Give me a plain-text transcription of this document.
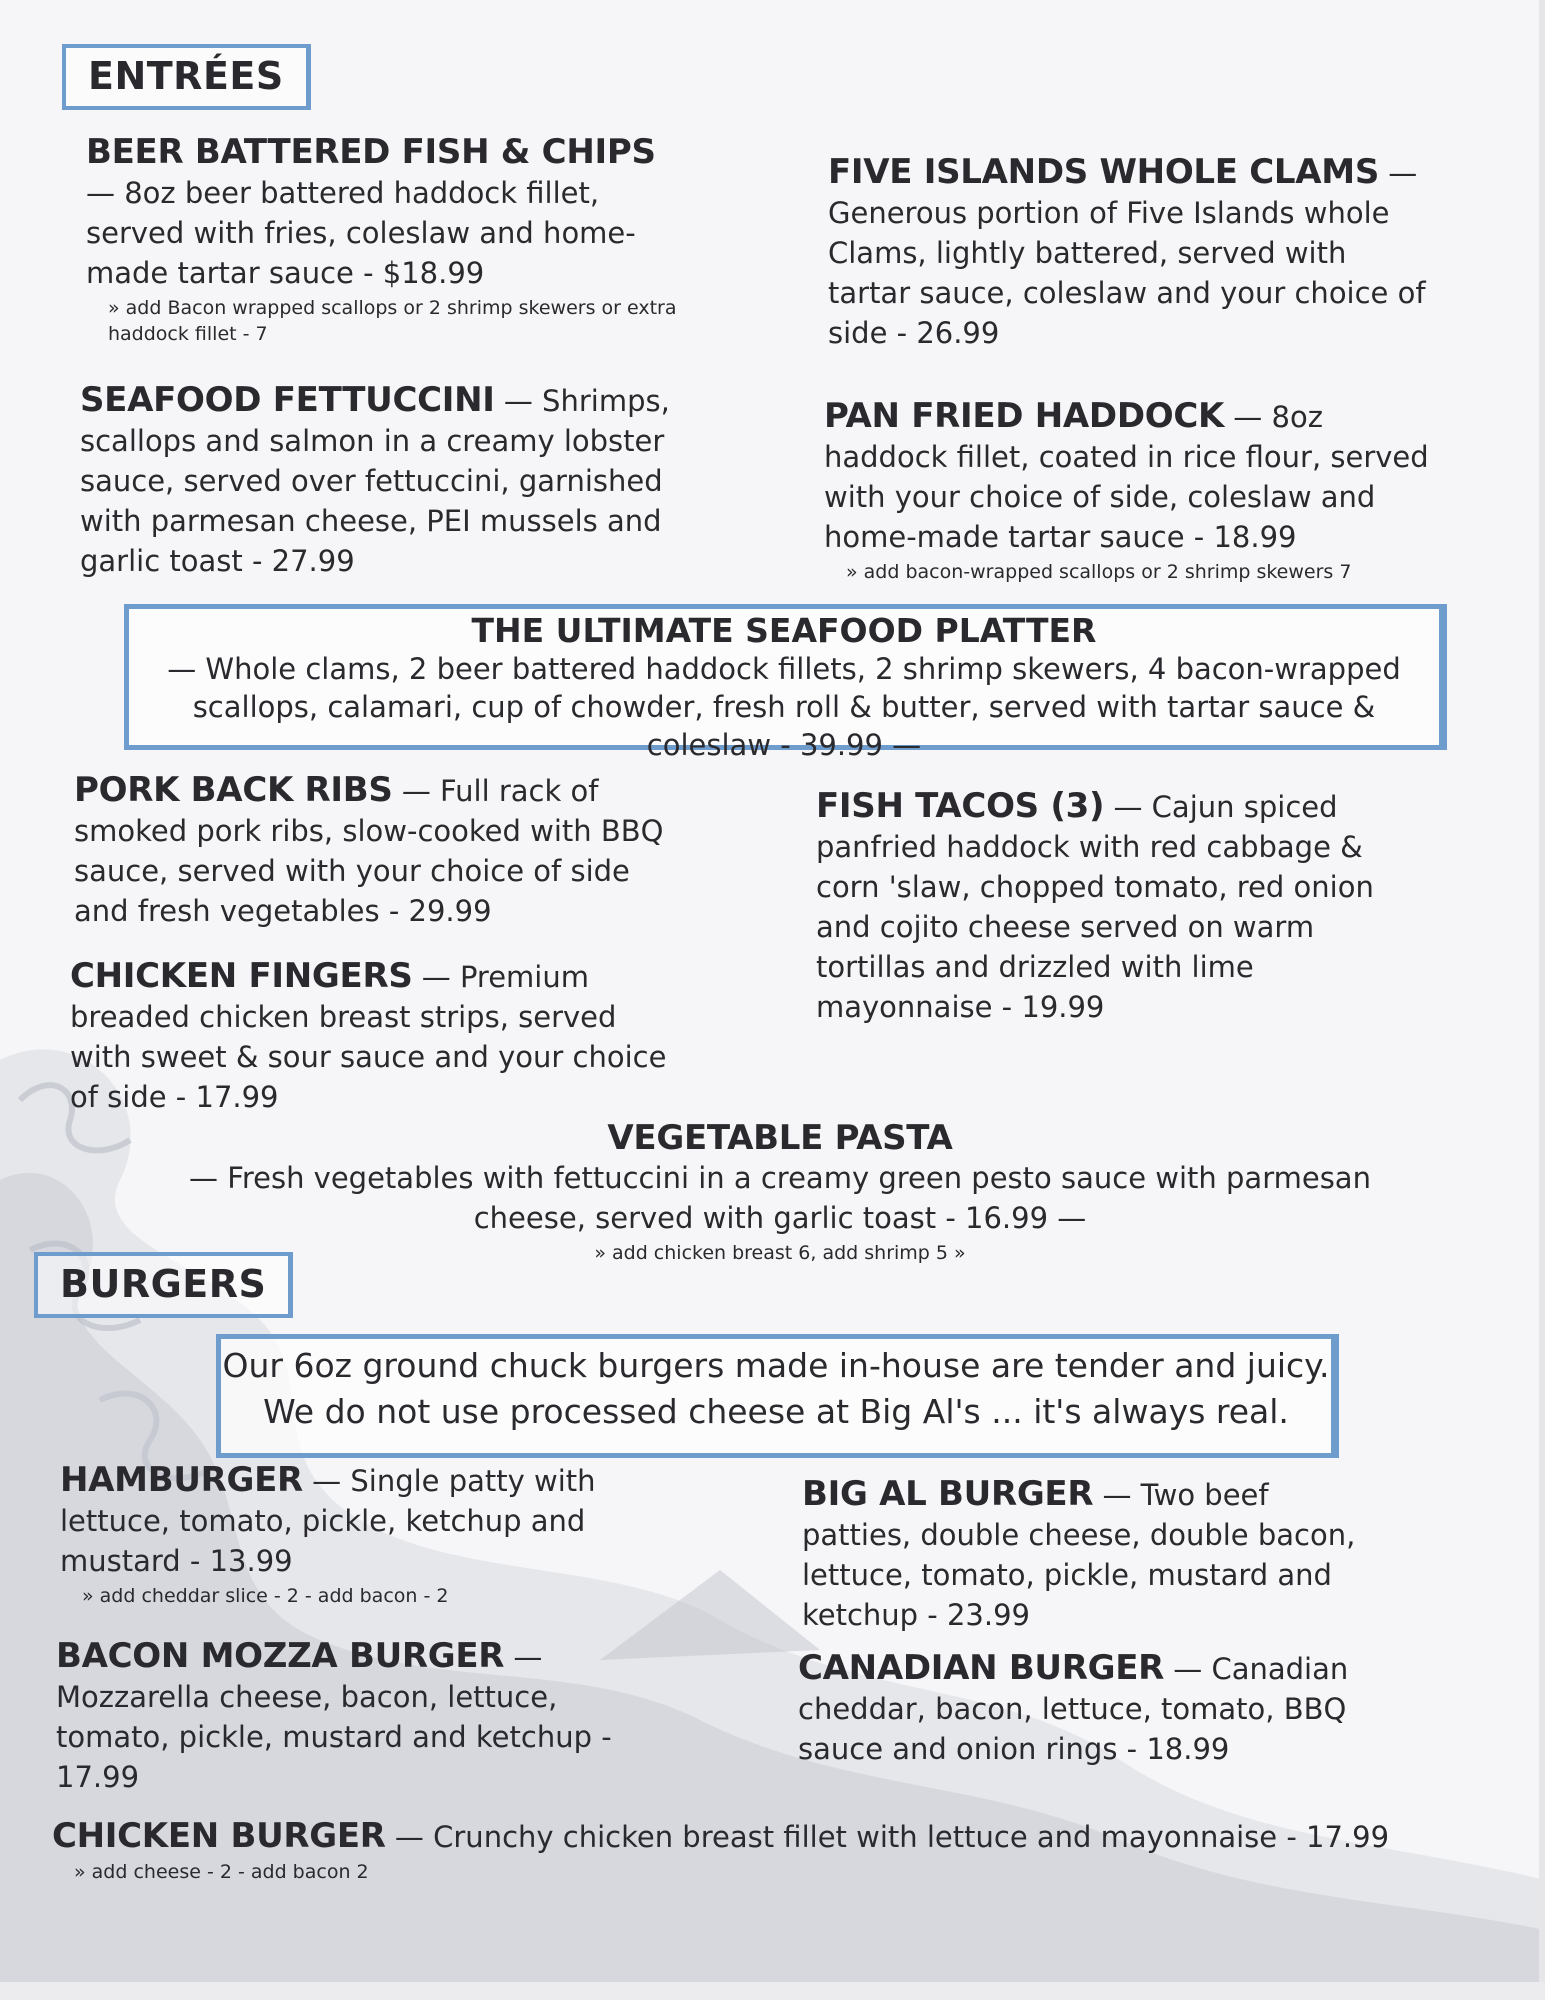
ENTRÉES
BEER BATTERED FISH & CHIPS — 8oz beer battered haddock fillet, served with fries, coleslaw and home-made tartar sauce - $18.99
» add Bacon wrapped scallops or 2 shrimp skewers or extra haddock fillet - 7
SEAFOOD FETTUCCINI — Shrimps, scallops and salmon in a creamy lobster sauce, served over fettuccini, garnished with parmesan cheese, PEI mussels and garlic toast - 27.99
FIVE ISLANDS WHOLE CLAMS — Generous portion of Five Islands whole Clams, lightly battered, served with tartar sauce, coleslaw and your choice of side - 26.99
PAN FRIED HADDOCK — 8oz haddock fillet, coated in rice flour, served with your choice of side, coleslaw and home-made tartar sauce - 18.99
» add bacon-wrapped scallops or 2 shrimp skewers 7
THE ULTIMATE SEAFOOD PLATTER
— Whole clams, 2 beer battered haddock fillets, 2 shrimp skewers, 4 bacon-wrapped scallops, calamari, cup of chowder, fresh roll & butter, served with tartar sauce & coleslaw - 39.99 —
PORK BACK RIBS — Full rack of smoked pork ribs, slow-cooked with BBQ sauce, served with your choice of side and fresh vegetables - 29.99
CHICKEN FINGERS — Premium breaded chicken breast strips, served with sweet & sour sauce and your choice of side - 17.99
FISH TACOS (3) — Cajun spiced panfried haddock with red cabbage & corn 'slaw, chopped tomato, red onion and cojito cheese served on warm tortillas and drizzled with lime mayonnaise - 19.99
VEGETABLE PASTA
— Fresh vegetables with fettuccini in a creamy green pesto sauce with parmesan cheese, served with garlic toast - 16.99 —
» add chicken breast 6, add shrimp 5 »
BURGERS
Our 6oz ground chuck burgers made in-house are tender and juicy.
We do not use processed cheese at Big Al's ... it's always real.
HAMBURGER — Single patty with lettuce, tomato, pickle, ketchup and mustard - 13.99
» add cheddar slice - 2 - add bacon - 2
BACON MOZZA BURGER — Mozzarella cheese, bacon, lettuce, tomato, pickle, mustard and ketchup - 17.99
BIG AL BURGER — Two beef patties, double cheese, double bacon, lettuce, tomato, pickle, mustard and ketchup - 23.99
CANADIAN BURGER — Canadian cheddar, bacon, lettuce, tomato, BBQ sauce and onion rings - 18.99
CHICKEN BURGER — Crunchy chicken breast fillet with lettuce and mayonnaise - 17.99
» add cheese - 2 - add bacon 2
